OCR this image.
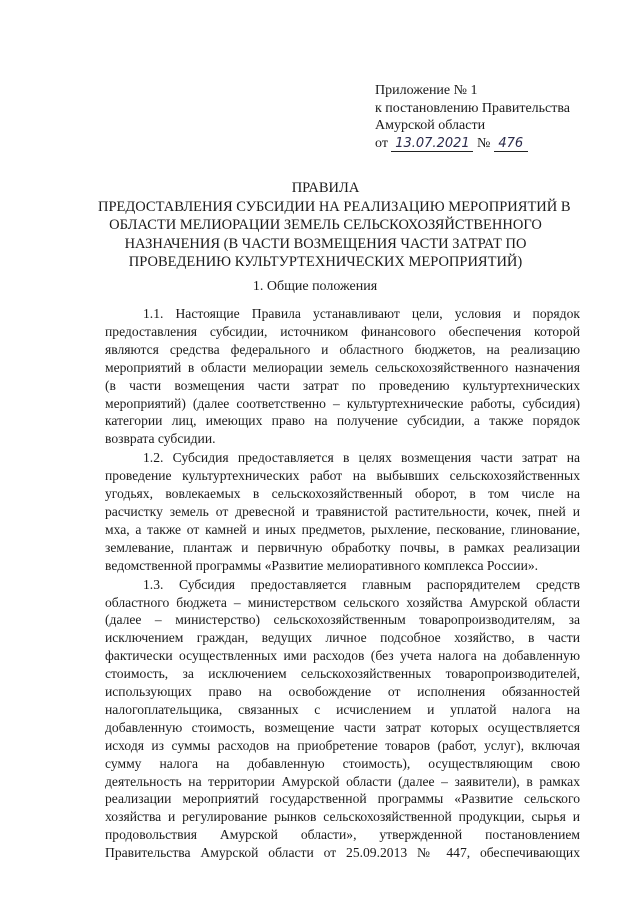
Приложение № 1
к постановлению Правительства
Амурской области
от 13.07.2021 № 476
ПРАВИЛА
ПРЕДОСТАВЛЕНИЯ СУБСИДИИ НА РЕАЛИЗАЦИЮ МЕРОПРИЯТИЙ В
ОБЛАСТИ МЕЛИОРАЦИИ ЗЕМЕЛЬ СЕЛЬСКОХОЗЯЙСТВЕННОГО
НАЗНАЧЕНИЯ (В ЧАСТИ ВОЗМЕЩЕНИЯ ЧАСТИ ЗАТРАТ ПО
ПРОВЕДЕНИЮ КУЛЬТУРТЕХНИЧЕСКИХ МЕРОПРИЯТИЙ)
1. Общие положения

1.1. Настоящие Правила устанавливают цели, условия и порядок
предоставления субсидии, источником финансового обеспечения которой
являются средства федерального и областного бюджетов, на реализацию
мероприятий в области мелиорации земель сельскохозяйственного назначения
(в части возмещения части затрат по проведению культуртехнических
мероприятий) (далее соответственно – культуртехнические работы, субсидия)
категории лиц, имеющих право на получение субсидии, а также порядок
возврата субсидии.

1.2. Субсидия предоставляется в целях возмещения части затрат на
проведение культуртехнических работ на выбывших сельскохозяйственных
угодьях, вовлекаемых в сельскохозяйственный оборот, в том числе на
расчистку земель от древесной и травянистой растительности, кочек, пней и
мха, а также от камней и иных предметов, рыхление, пескование, глинование,
землевание, плантаж и первичную обработку почвы, в рамках реализации
ведомственной программы «Развитие мелиоративного комплекса России».

1.3. Субсидия предоставляется главным распорядителем средств
областного бюджета – министерством сельского хозяйства Амурской области
(далее – министерство) сельскохозяйственным товаропроизводителям, за
исключением граждан, ведущих личное подсобное хозяйство, в части
фактически осуществленных ими расходов (без учета налога на добавленную
стоимость, за исключением сельскохозяйственных товаропроизводителей,
использующих право на освобождение от исполнения обязанностей
налогоплательщика, связанных с исчислением и уплатой налога на
добавленную стоимость, возмещение части затрат которых осуществляется
исходя из суммы расходов на приобретение товаров (работ, услуг), включая
сумму налога на добавленную стоимость), осуществляющим свою
деятельность на территории Амурской области (далее – заявители), в рамках
реализации мероприятий государственной программы «Развитие сельского
хозяйства и регулирование рынков сельскохозяйственной продукции, сырья и
продовольствия Амурской области», утвержденной постановлением
Правительства Амурской области от 25.09.2013 № 447, обеспечивающих
